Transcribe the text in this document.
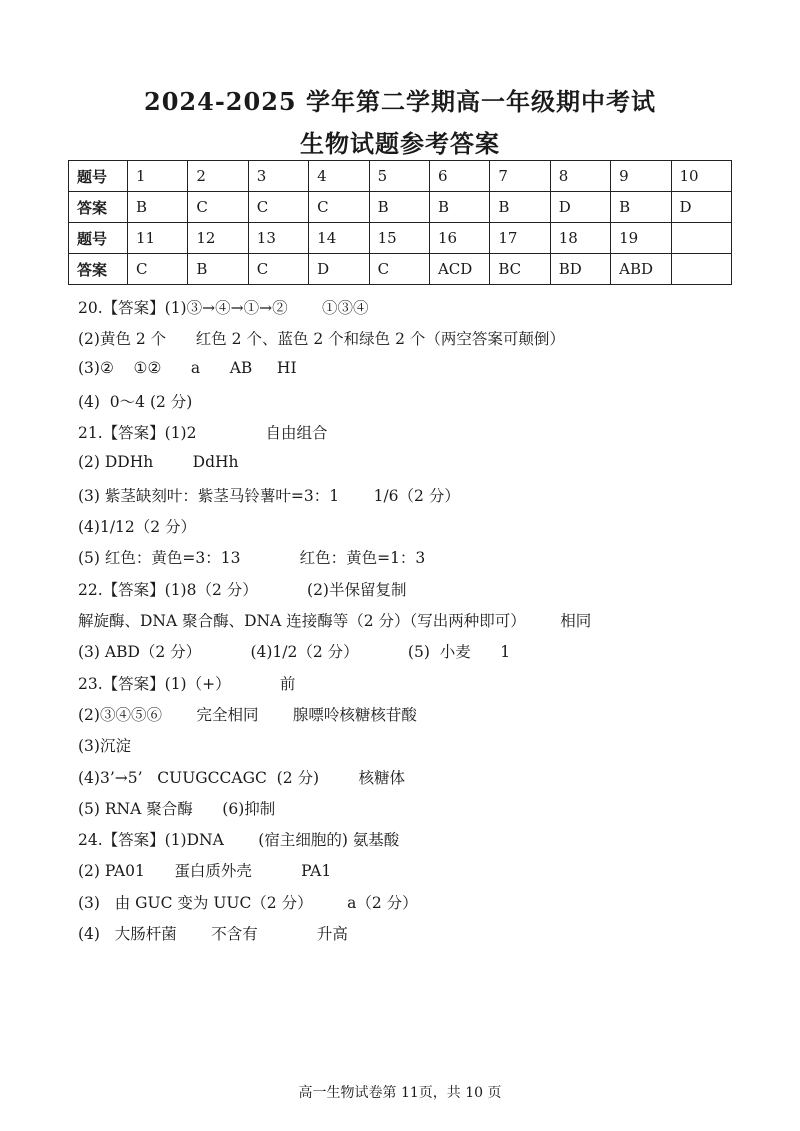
2024-2025 学年第二学期高一年级期中考试
生物试题参考答案
题号	1	2	3	4	5	6	7	8	9	10
答案	B	C	C	C	B	B	B	D	B	D
题号	11	12	13	14	15	16	17	18	19	
答案	C	B	C	D	C	ACD	BC	BD	ABD	
20.【答案】(1)③→④→①→②       ①③④
(2)黄色 2 个      红色 2 个、蓝色 2 个和绿色 2 个（两空答案可颠倒）
(3)②    ①②      a      AB     HI
(4)  0～4 (2 分)
21.【答案】(1)2              自由组合
(2) DDHh        DdHh
(3) 紫茎缺刻叶：紫茎马铃薯叶=3：1       1/6（2 分）
(4)1/12（2 分）
(5) 红色：黄色=3：13            红色：黄色=1：3
22.【答案】(1)8（2 分）          (2)半保留复制
解旋酶、DNA 聚合酶、DNA 连接酶等（2 分）（写出两种即可）       相同
(3) ABD（2 分）          (4)1/2（2 分）          (5)  小麦      1
23.【答案】(1)（+）          前
(2)③④⑤⑥       完全相同       腺嘌呤核糖核苷酸
(3)沉淀
(4)3’→5’   CUUGCCAGC  (2 分)        核糖体
(5) RNA 聚合酶      (6)抑制
24.【答案】(1)DNA       (宿主细胞的) 氨基酸
(2) PA01      蛋白质外壳          PA1
(3)   由 GUC 变为 UUC（2 分）       a（2 分）
(4)   大肠杆菌       不含有            升高
高一生物试卷第 11页，共 10 页
